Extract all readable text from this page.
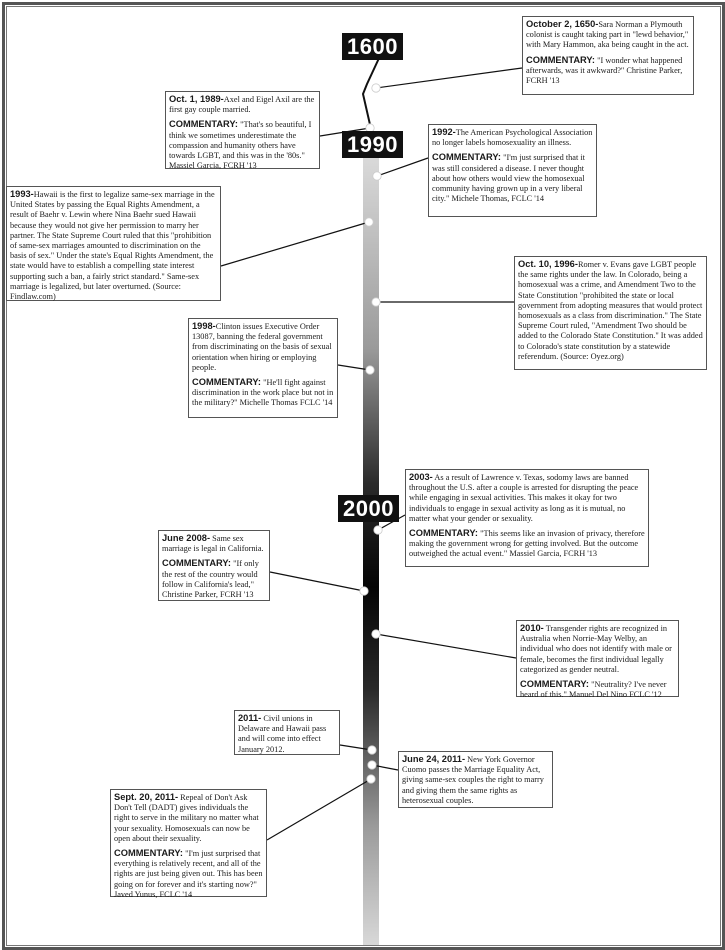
1600
1990
2000

October 2, 1650-Sara Norman a Plymouth colonist is caught taking part in "lewd behavior," with Mary Hammon, aka being caught in the act.

COMMENTARY: "I wonder what happened afterwards, was it awkward?" Christine Parker, FCRH '13

Oct. 1, 1989-Axel and Eigel Axil are the first gay couple married.

COMMENTARY: "That's so beautiful, I think we sometimes underestimate the compassion and humanity others have towards LGBT, and this was in the '80s." Massiel Garcia, FCRH '13

1992-The American Psychological Association no longer labels homosexuality an illness.

COMMENTARY: "I'm just surprised that it was still considered a disease. I never thought about how others would view the homosexual community having grown up in a very liberal city." Michele Thomas, FCLC '14

1993-Hawaii is the first to legalize same-sex marriage in the United States by passing the Equal Rights Amendment, a result of Baehr v. Lewin where Nina Baehr sued Hawaii because they would not give her permission to marry her partner. The State Supreme Court ruled that this "prohibition of same-sex marriages amounted to discrimination on the basis of sex." Under the state's Equal Rights Amendment, the state would have to establish a compelling state interest supporting such a ban, a fairly strict standard." Same-sex marriage is legalized, but later overturned. (Source: Findlaw.com)

Oct. 10, 1996-Romer v. Evans gave LGBT people the same rights under the law. In Colorado, being a homosexual was a crime, and Amendment Two to the State Constitution "prohibited the state or local government from adopting measures that would protect homosexuals as a class from discrimination." The State Supreme Court ruled, "Amendment Two should be added to the Colorado State Constitution." It was added to Colorado's state constitution by a statewide referendum. (Source: Oyez.org)

1998-Clinton issues Executive Order 13087, banning the federal government from discriminating on the basis of sexual orientation when hiring or employing people.

COMMENTARY: "He'll fight against discrimination in the work place but not in the military?" Michelle Thomas FCLC '14

2003- As a result of Lawrence v. Texas, sodomy laws are banned throughout the U.S. after a couple is arrested for disrupting the peace while engaging in sexual activities. This makes it okay for two individuals to engage in sexual activity as long as it is mutual, no matter what your gender or sexuality.

COMMENTARY: "This seems like an invasion of privacy, therefore making the government wrong for getting involved. But the outcome outweighed the actual event." Massiel Garcia, FCRH '13

June 2008- Same sex marriage is legal in California.

COMMENTARY: "If only the rest of the country would follow in California's lead," Christine Parker, FCRH '13

2010- Transgender rights are recognized in Australia when Norrie-May Welby, an individual who does not identify with male or female, becomes the first individual legally categorized as gender neutral.

COMMENTARY: "Neutrality? I've never heard of this." Manuel Del Nino FCLC '12

2011- Civil unions in Delaware and Hawaii pass and will come into effect January 2012.

June 24, 2011- New York Governor Cuomo passes the Marriage Equality Act, giving same-sex couples the right to marry and giving them the same rights as heterosexual couples.

Sept. 20, 2011- Repeal of Don't Ask Don't Tell (DADT) gives individuals the right to serve in the military no matter what your sexuality. Homosexuals can now be open about their sexuality.

COMMENTARY: "I'm just surprised that everything is relatively recent, and all of the rights are just being given out. This has been going on for forever and it's starting now?" Javed Yunus, FCLC '14
